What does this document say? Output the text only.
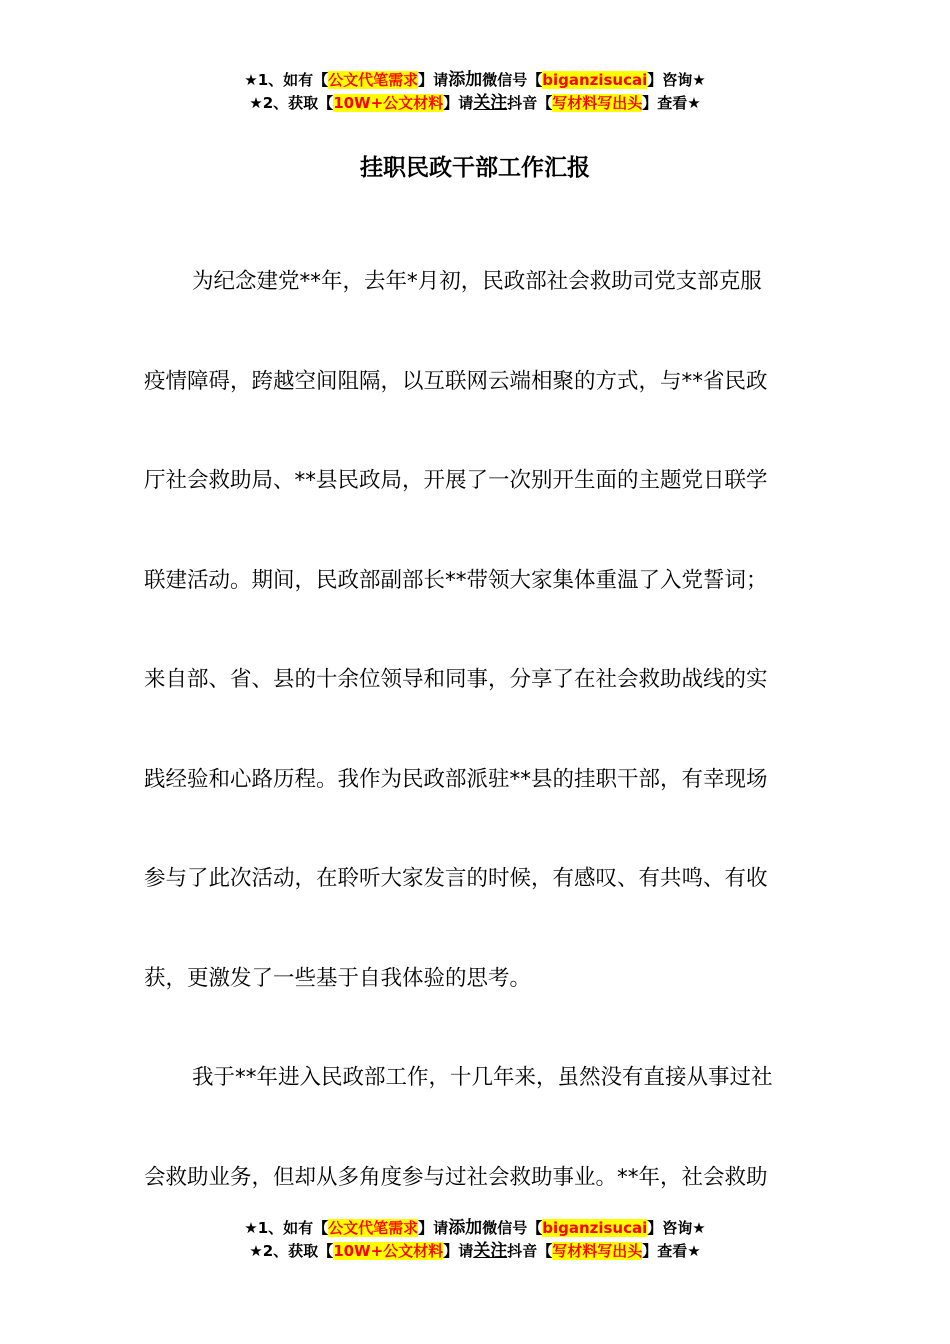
★1、如有【公文代笔需求】请添加微信号【biganzisucai】咨询★
★2、获取【10W+公文材料】请关注抖音【写材料写出头】查看★
挂职民政干部工作汇报

为纪念建党**年，去年*月初，民政部社会救助司党支部克服
疫情障碍，跨越空间阻隔，以互联网云端相聚的方式，与**省民政
厅社会救助局、**县民政局，开展了一次别开生面的主题党日联学
联建活动。期间，民政部副部长**带领大家集体重温了入党誓词；
来自部、省、县的十余位领导和同事，分享了在社会救助战线的实
践经验和心路历程。我作为民政部派驻**县的挂职干部，有幸现场
参与了此次活动，在聆听大家发言的时候，有感叹、有共鸣、有收
获，更激发了一些基于自我体验的思考。

我于**年进入民政部工作，十几年来，虽然没有直接从事过社
会救助业务，但却从多角度参与过社会救助事业。**年，社会救助

★1、如有【公文代笔需求】请添加微信号【biganzisucai】咨询★
★2、获取【10W+公文材料】请关注抖音【写材料写出头】查看★
